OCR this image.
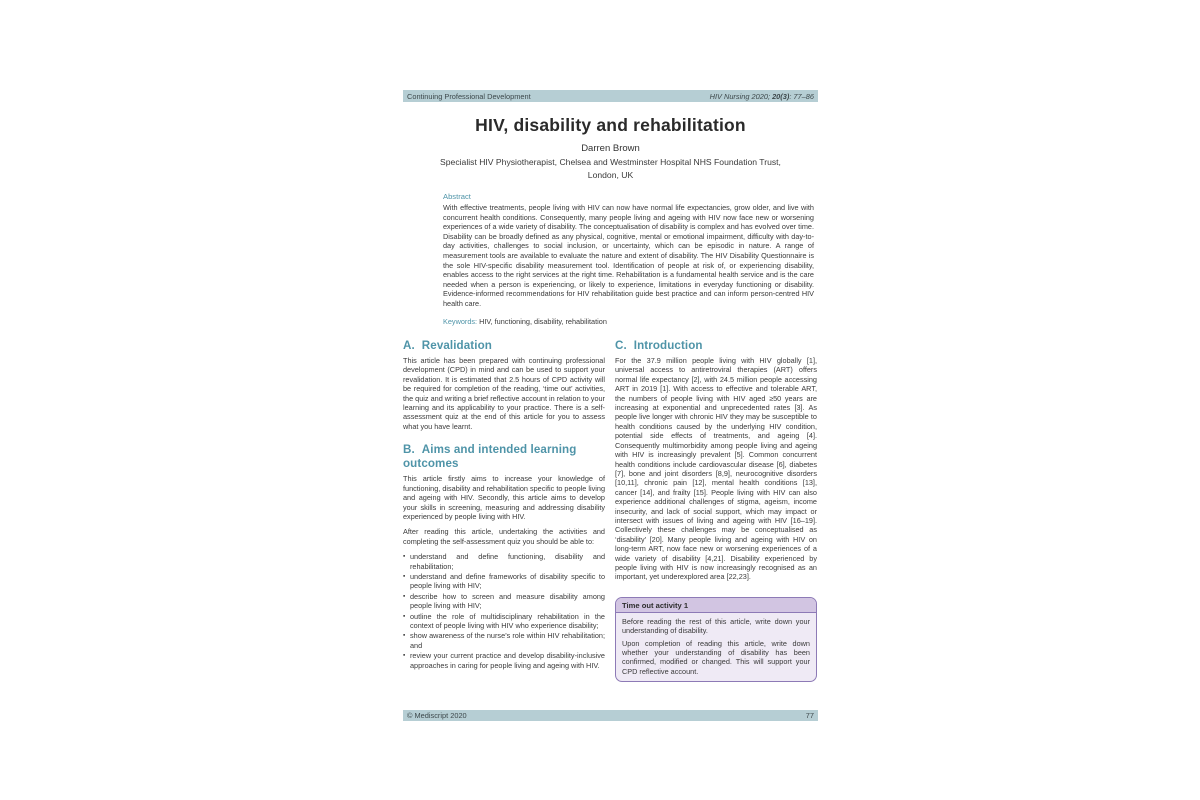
Continuing Professional Development	HIV Nursing 2020; 20(3): 77–86
HIV, disability and rehabilitation
Darren Brown
Specialist HIV Physiotherapist, Chelsea and Westminster Hospital NHS Foundation Trust,
London, UK
Abstract

With effective treatments, people living with HIV can now have normal life expectancies, grow older, and live with concurrent health conditions. Consequently, many people living and ageing with HIV now face new or worsening experiences of a wide variety of disability. The conceptualisation of disability is complex and has evolved over time. Disability can be broadly defined as any physical, cognitive, mental or emotional impairment, difficulty with day-to-day activities, challenges to social inclusion, or uncertainty, which can be episodic in nature. A range of measurement tools are available to evaluate the nature and extent of disability. The HIV Disability Questionnaire is the sole HIV-specific disability measurement tool. Identification of people at risk of, or experiencing disability, enables access to the right services at the right time. Rehabilitation is a fundamental health service and is the care needed when a person is experiencing, or likely to experience, limitations in everyday functioning or disability. Evidence-informed recommendations for HIV rehabilitation guide best practice and can inform person-centred HIV health care.

Keywords: HIV, functioning, disability, rehabilitation

A. Revalidation

This article has been prepared with continuing professional development (CPD) in mind and can be used to support your revalidation. It is estimated that 2.5 hours of CPD activity will be required for completion of the reading, ‘time out’ activities, the quiz and writing a brief reflective account in relation to your learning and its applicability to your practice. There is a self-assessment quiz at the end of this article for you to assess what you have learnt.

B. Aims and intended learning outcomes

This article firstly aims to increase your knowledge of functioning, disability and rehabilitation specific to people living and ageing with HIV. Secondly, this article aims to develop your skills in screening, measuring and addressing disability experienced by people living with HIV.

After reading this article, undertaking the activities and completing the self-assessment quiz you should be able to:

▪ understand and define functioning, disability and rehabilitation;
▪ understand and define frameworks of disability specific to people living with HIV;
▪ describe how to screen and measure disability among people living with HIV;
▪ outline the role of multidisciplinary rehabilitation in the context of people living with HIV who experience disability;
▪ show awareness of the nurse’s role within HIV rehabilitation; and
▪ review your current practice and develop disability-inclusive approaches in caring for people living and ageing with HIV.
C. Introduction

For the 37.9 million people living with HIV globally [1], universal access to antiretroviral therapies (ART) offers normal life expectancy [2], with 24.5 million people accessing ART in 2019 [1]. With access to effective and tolerable ART, the numbers of people living with HIV aged ≥50 years are increasing at exponential and unprecedented rates [3]. As people live longer with chronic HIV they may be susceptible to health conditions caused by the underlying HIV condition, potential side effects of treatments, and ageing [4]. Consequently multimorbidity among people living and ageing with HIV is increasingly prevalent [5]. Common concurrent health conditions include cardiovascular disease [6], diabetes [7], bone and joint disorders [8,9], neurocognitive disorders [10,11], chronic pain [12], mental health conditions [13], cancer [14], and frailty [15]. People living with HIV can also experience additional challenges of stigma, ageism, income insecurity, and lack of social support, which may impact or intersect with issues of living and ageing with HIV [16–19]. Collectively these challenges may be conceptualised as ‘disability’ [20]. Many people living and ageing with HIV on long-term ART, now face new or worsening experiences of a wide variety of disability [4,21]. Disability experienced by people living with HIV is now increasingly recognised as an important, yet underexplored area [22,23].

Time out activity 1

Before reading the rest of this article, write down your understanding of disability.

Upon completion of reading this article, write down whether your understanding of disability has been confirmed, modified or changed. This will support your CPD reflective account.

© Mediscript 2020	77
